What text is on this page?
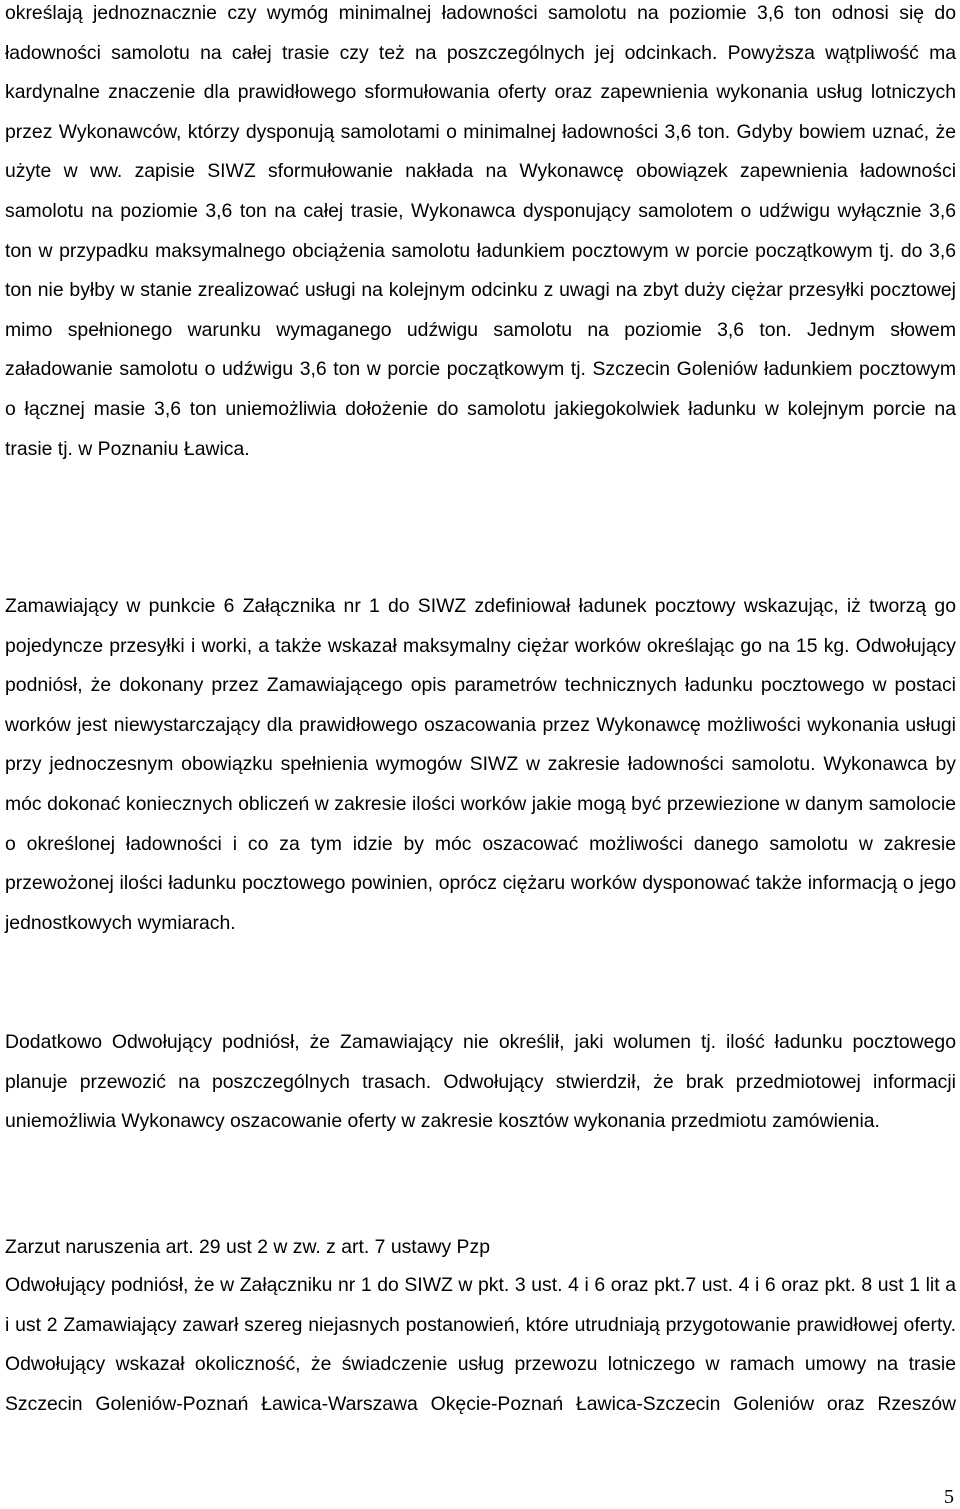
określają jednoznacznie czy wymóg minimalnej ładowności samolotu na poziomie 3,6 ton odnosi się do ładowności samolotu na całej trasie czy też na poszczególnych jej odcinkach. Powyższa wątpliwość ma kardynalne znaczenie dla prawidłowego sformułowania oferty oraz zapewnienia wykonania usług lotniczych przez Wykonawców, którzy dysponują samolotami o minimalnej ładowności 3,6 ton. Gdyby bowiem uznać, że użyte w ww. zapisie SIWZ sformułowanie nakłada na Wykonawcę obowiązek zapewnienia ładowności samolotu na poziomie 3,6 ton na całej trasie, Wykonawca dysponujący samolotem o udźwigu wyłącznie 3,6 ton w przypadku maksymalnego obciążenia samolotu ładunkiem pocztowym w porcie początkowym tj. do 3,6 ton nie byłby w stanie zrealizować usługi na kolejnym odcinku z uwagi na zbyt duży ciężar przesyłki pocztowej mimo spełnionego warunku wymaganego udźwigu samolotu na poziomie 3,6 ton. Jednym słowem załadowanie samolotu o udźwigu 3,6 ton w porcie początkowym tj. Szczecin Goleniów ładunkiem pocztowym o łącznej masie 3,6 ton uniemożliwia dołożenie do samolotu jakiegokolwiek ładunku w kolejnym porcie na trasie tj. w Poznaniu Ławica.

Zamawiający w punkcie 6 Załącznika nr 1 do SIWZ zdefiniował ładunek pocztowy wskazując, iż tworzą go pojedyncze przesyłki i worki, a także wskazał maksymalny ciężar worków określając go na 15 kg. Odwołujący podniósł, że dokonany przez Zamawiającego opis parametrów technicznych ładunku pocztowego w postaci worków jest niewystarczający dla prawidłowego oszacowania przez Wykonawcę możliwości wykonania usługi przy jednoczesnym obowiązku spełnienia wymogów SIWZ w zakresie ładowności samolotu. Wykonawca by móc dokonać koniecznych obliczeń w zakresie ilości worków jakie mogą być przewiezione w danym samolocie o określonej ładowności i co za tym idzie by móc oszacować możliwości danego samolotu w zakresie przewożonej ilości ładunku pocztowego powinien, oprócz ciężaru worków dysponować także informacją o jego jednostkowych wymiarach.

Dodatkowo Odwołujący podniósł, że Zamawiający nie określił, jaki wolumen tj. ilość ładunku pocztowego planuje przewozić na poszczególnych trasach. Odwołujący stwierdził, że brak przedmiotowej informacji uniemożliwia Wykonawcy oszacowanie oferty w zakresie kosztów wykonania przedmiotu zamówienia.

Zarzut naruszenia art. 29 ust 2 w zw. z art. 7 ustawy Pzp

Odwołujący podniósł, że w Załączniku nr 1 do SIWZ w pkt. 3 ust. 4 i 6 oraz pkt.7 ust. 4 i 6 oraz pkt. 8 ust 1 lit a i ust 2 Zamawiający zawarł szereg niejasnych postanowień, które utrudniają przygotowanie prawidłowej oferty. Odwołujący wskazał okoliczność, że świadczenie usług przewozu lotniczego w ramach umowy na trasie Szczecin Goleniów-Poznań Ławica-Warszawa Okęcie-Poznań Ławica-Szczecin Goleniów oraz Rzeszów

5
